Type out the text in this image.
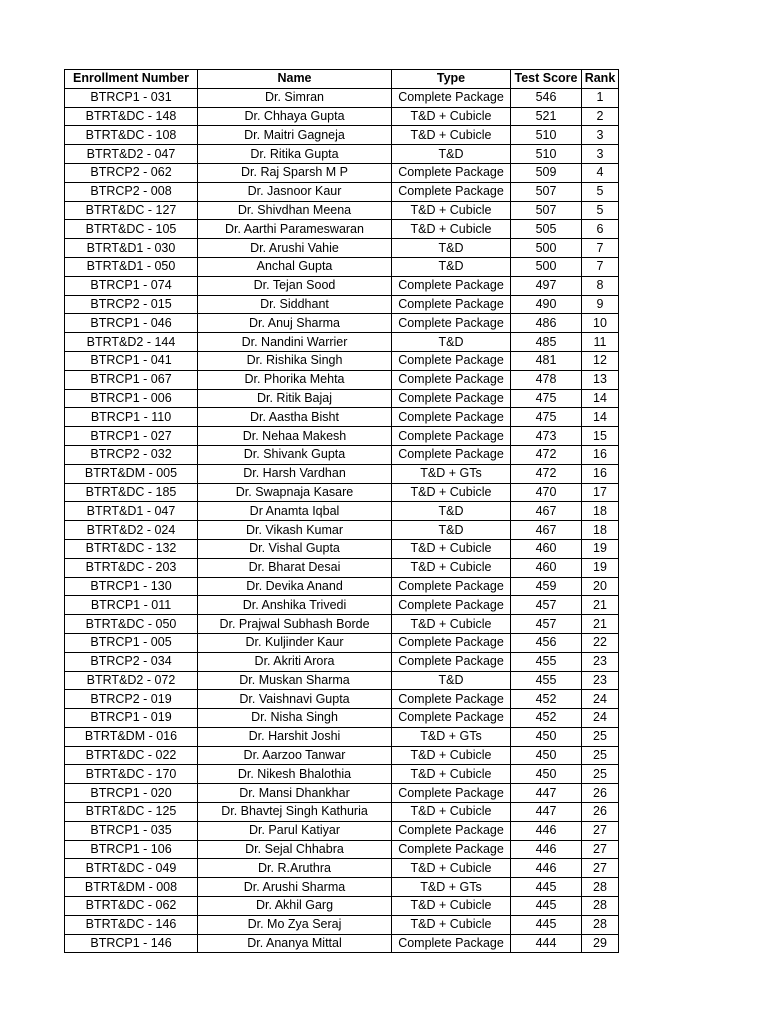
Enrollment Number	Name	Type	Test Score	Rank
BTRCP1 - 031	Dr. Simran	Complete Package	546	1
BTRT&DC - 148	Dr. Chhaya Gupta	T&D + Cubicle	521	2
BTRT&DC - 108	Dr. Maitri Gagneja	T&D + Cubicle	510	3
BTRT&D2 - 047	Dr. Ritika Gupta	T&D	510	3
BTRCP2 - 062	Dr. Raj Sparsh M P	Complete Package	509	4
BTRCP2 - 008	Dr. Jasnoor Kaur	Complete Package	507	5
BTRT&DC - 127	Dr. Shivdhan Meena	T&D + Cubicle	507	5
BTRT&DC - 105	Dr. Aarthi Parameswaran	T&D + Cubicle	505	6
BTRT&D1 - 030	Dr. Arushi Vahie	T&D	500	7
BTRT&D1 - 050	Anchal Gupta	T&D	500	7
BTRCP1 - 074	Dr. Tejan Sood	Complete Package	497	8
BTRCP2 - 015	Dr. Siddhant	Complete Package	490	9
BTRCP1 - 046	Dr. Anuj Sharma	Complete Package	486	10
BTRT&D2 - 144	Dr. Nandini Warrier	T&D	485	11
BTRCP1 - 041	Dr. Rishika Singh	Complete Package	481	12
BTRCP1 - 067	Dr. Phorika Mehta	Complete Package	478	13
BTRCP1 - 006	Dr. Ritik Bajaj	Complete Package	475	14
BTRCP1 - 110	Dr. Aastha Bisht	Complete Package	475	14
BTRCP1 - 027	Dr. Nehaa Makesh	Complete Package	473	15
BTRCP2 - 032	Dr. Shivank Gupta	Complete Package	472	16
BTRT&DM - 005	Dr. Harsh Vardhan	T&D + GTs	472	16
BTRT&DC - 185	Dr. Swapnaja Kasare	T&D + Cubicle	470	17
BTRT&D1 - 047	Dr Anamta Iqbal	T&D	467	18
BTRT&D2 - 024	Dr. Vikash Kumar	T&D	467	18
BTRT&DC - 132	Dr. Vishal Gupta	T&D + Cubicle	460	19
BTRT&DC - 203	Dr. Bharat Desai	T&D + Cubicle	460	19
BTRCP1 - 130	Dr. Devika Anand	Complete Package	459	20
BTRCP1 - 011	Dr. Anshika Trivedi	Complete Package	457	21
BTRT&DC - 050	Dr. Prajwal Subhash Borde	T&D + Cubicle	457	21
BTRCP1 - 005	Dr. Kuljinder Kaur	Complete Package	456	22
BTRCP2 - 034	Dr. Akriti Arora	Complete Package	455	23
BTRT&D2 - 072	Dr. Muskan Sharma	T&D	455	23
BTRCP2 - 019	Dr. Vaishnavi Gupta	Complete Package	452	24
BTRCP1 - 019	Dr. Nisha Singh	Complete Package	452	24
BTRT&DM - 016	Dr. Harshit Joshi	T&D + GTs	450	25
BTRT&DC - 022	Dr. Aarzoo Tanwar	T&D + Cubicle	450	25
BTRT&DC - 170	Dr. Nikesh Bhalothia	T&D + Cubicle	450	25
BTRCP1 - 020	Dr. Mansi Dhankhar	Complete Package	447	26
BTRT&DC - 125	Dr. Bhavtej Singh Kathuria	T&D + Cubicle	447	26
BTRCP1 - 035	Dr. Parul Katiyar	Complete Package	446	27
BTRCP1 - 106	Dr. Sejal Chhabra	Complete Package	446	27
BTRT&DC - 049	Dr. R.Aruthra	T&D + Cubicle	446	27
BTRT&DM - 008	Dr. Arushi Sharma	T&D + GTs	445	28
BTRT&DC - 062	Dr. Akhil Garg	T&D + Cubicle	445	28
BTRT&DC - 146	Dr. Mo Zya Seraj	T&D + Cubicle	445	28
BTRCP1 - 146	Dr. Ananya Mittal	Complete Package	444	29
